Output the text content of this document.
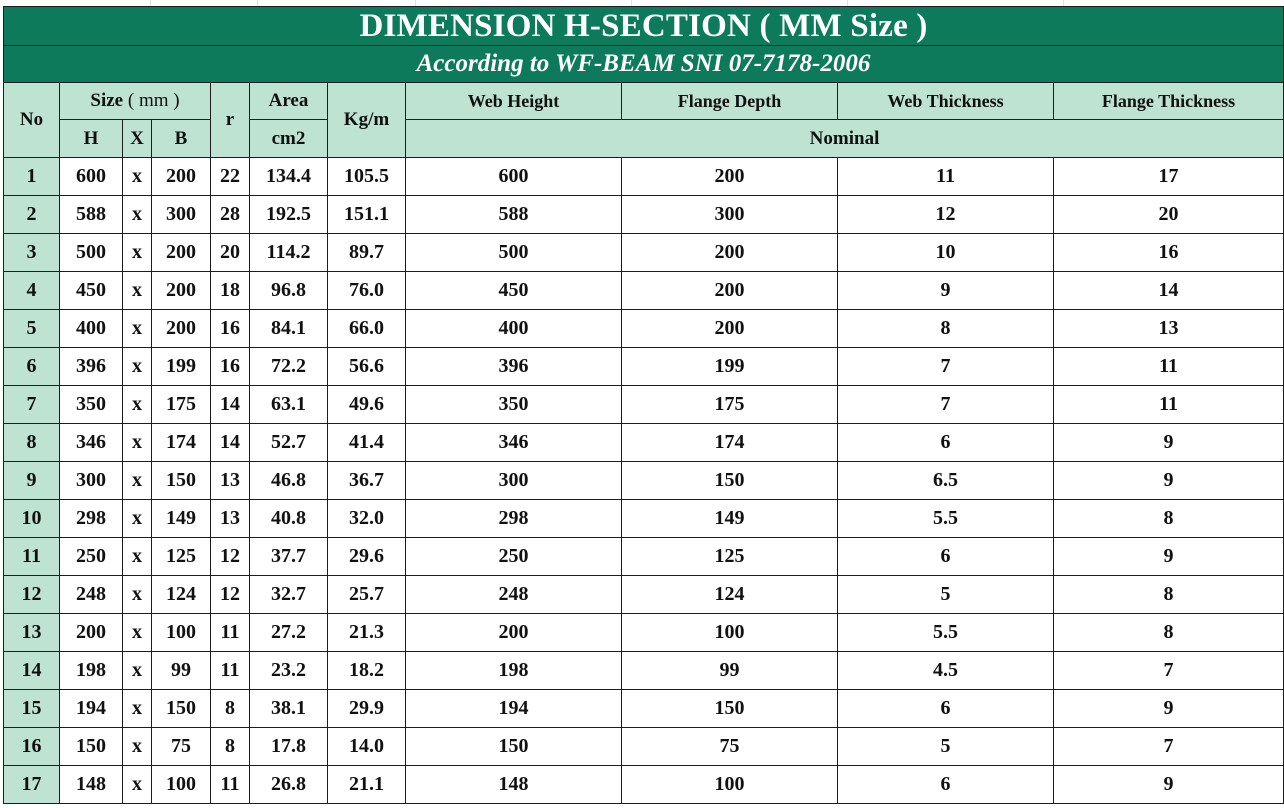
DIMENSION H-SECTION ( MM Size )										
According to WF-BEAM SNI 07-7178-2006										
No	Size ( mm )			r	Area	Kg/m	Web Height	Flange Depth	Web Thickness	Flange Thickness
	H	X	B		cm2		Nominal			
1	600	x	200	22	134.4	105.5	600	200	11	17
2	588	x	300	28	192.5	151.1	588	300	12	20
3	500	x	200	20	114.2	89.7	500	200	10	16
4	450	x	200	18	96.8	76.0	450	200	9	14
5	400	x	200	16	84.1	66.0	400	200	8	13
6	396	x	199	16	72.2	56.6	396	199	7	11
7	350	x	175	14	63.1	49.6	350	175	7	11
8	346	x	174	14	52.7	41.4	346	174	6	9
9	300	x	150	13	46.8	36.7	300	150	6.5	9
10	298	x	149	13	40.8	32.0	298	149	5.5	8
11	250	x	125	12	37.7	29.6	250	125	6	9
12	248	x	124	12	32.7	25.7	248	124	5	8
13	200	x	100	11	27.2	21.3	200	100	5.5	8
14	198	x	99	11	23.2	18.2	198	99	4.5	7
15	194	x	150	8	38.1	29.9	194	150	6	9
16	150	x	75	8	17.8	14.0	150	75	5	7
17	148	x	100	11	26.8	21.1	148	100	6	9
